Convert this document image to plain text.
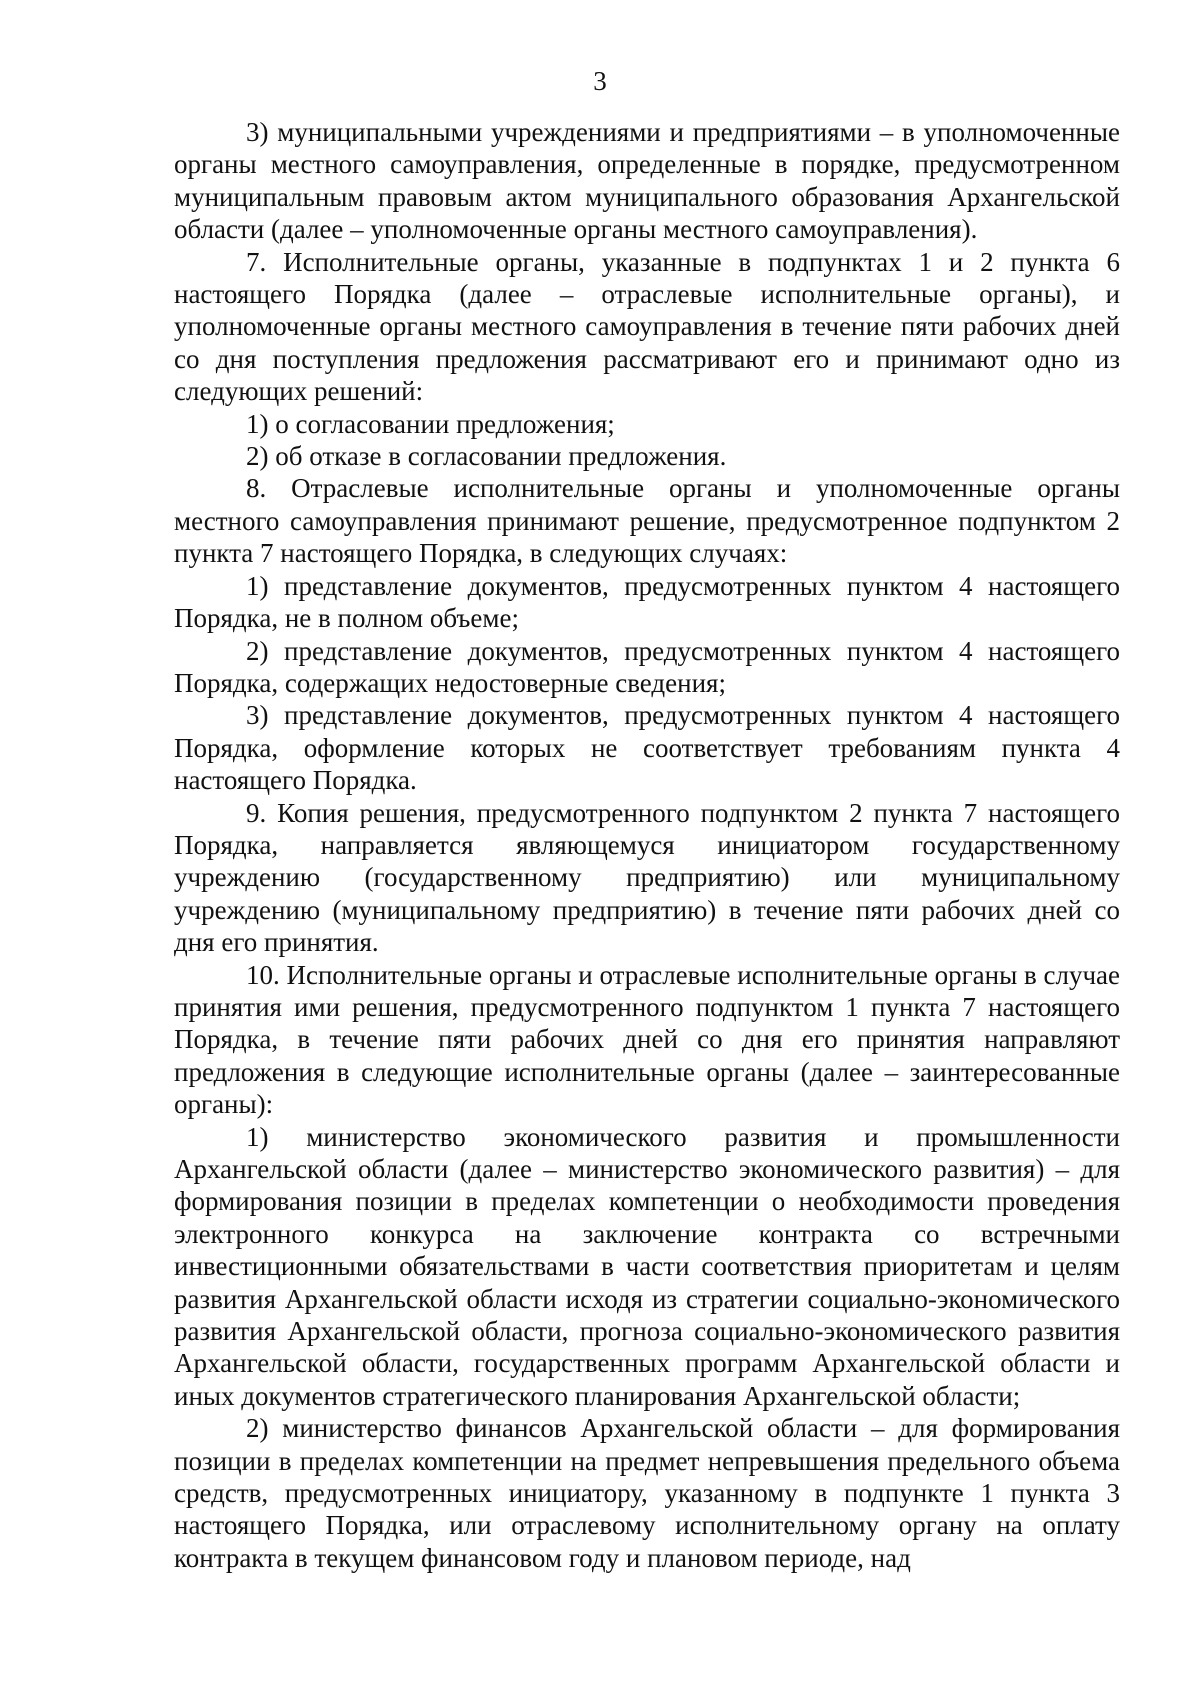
3

3) муниципальными учреждениями и предприятиями – в уполномоченные органы местного самоуправления, определенные в порядке, предусмотренном муниципальным правовым актом муниципального образования Архангельской области (далее – уполномоченные органы местного самоуправления).

7. Исполнительные органы, указанные в подпунктах 1 и 2 пункта 6 настоящего Порядка (далее – отраслевые исполнительные органы), и уполномоченные органы местного самоуправления в течение пяти рабочих дней со дня поступления предложения рассматривают его и принимают одно из следующих решений:

1) о согласовании предложения;

2) об отказе в согласовании предложения.

8. Отраслевые исполнительные органы и уполномоченные органы местного самоуправления принимают решение, предусмотренное подпунктом 2 пункта 7 настоящего Порядка, в следующих случаях:

1) представление документов, предусмотренных пунктом 4 настоящего Порядка, не в полном объеме;

2) представление документов, предусмотренных пунктом 4 настоящего Порядка, содержащих недостоверные сведения;

3) представление документов, предусмотренных пунктом 4 настоящего Порядка, оформление которых не соответствует требованиям пункта 4 настоящего Порядка.

9. Копия решения, предусмотренного подпунктом 2 пункта 7 настоящего Порядка, направляется являющемуся инициатором государственному учреждению (государственному предприятию) или муниципальному учреждению (муниципальному предприятию) в течение пяти рабочих дней со дня его принятия.

10. Исполнительные органы и отраслевые исполнительные органы в случае принятия ими решения, предусмотренного подпунктом 1 пункта 7 настоящего Порядка, в течение пяти рабочих дней со дня его принятия направляют предложения в следующие исполнительные органы (далее – заинтересованные органы):

1) министерство экономического развития и промышленности Архангельской области (далее – министерство экономического развития) – для формирования позиции в пределах компетенции о необходимости проведения электронного конкурса на заключение контракта со встречными инвестиционными обязательствами в части соответствия приоритетам и целям развития Архангельской области исходя из стратегии социально-экономического развития Архангельской области, прогноза социально-экономического развития Архангельской области, государственных программ Архангельской области и иных документов стратегического планирования Архангельской области;

2) министерство финансов Архангельской области – для формирования позиции в пределах компетенции на предмет непревышения предельного объема средств, предусмотренных инициатору, указанному в подпункте 1 пункта 3 настоящего Порядка, или отраслевому исполнительному органу на оплату контракта в текущем финансовом году и плановом периоде, над
